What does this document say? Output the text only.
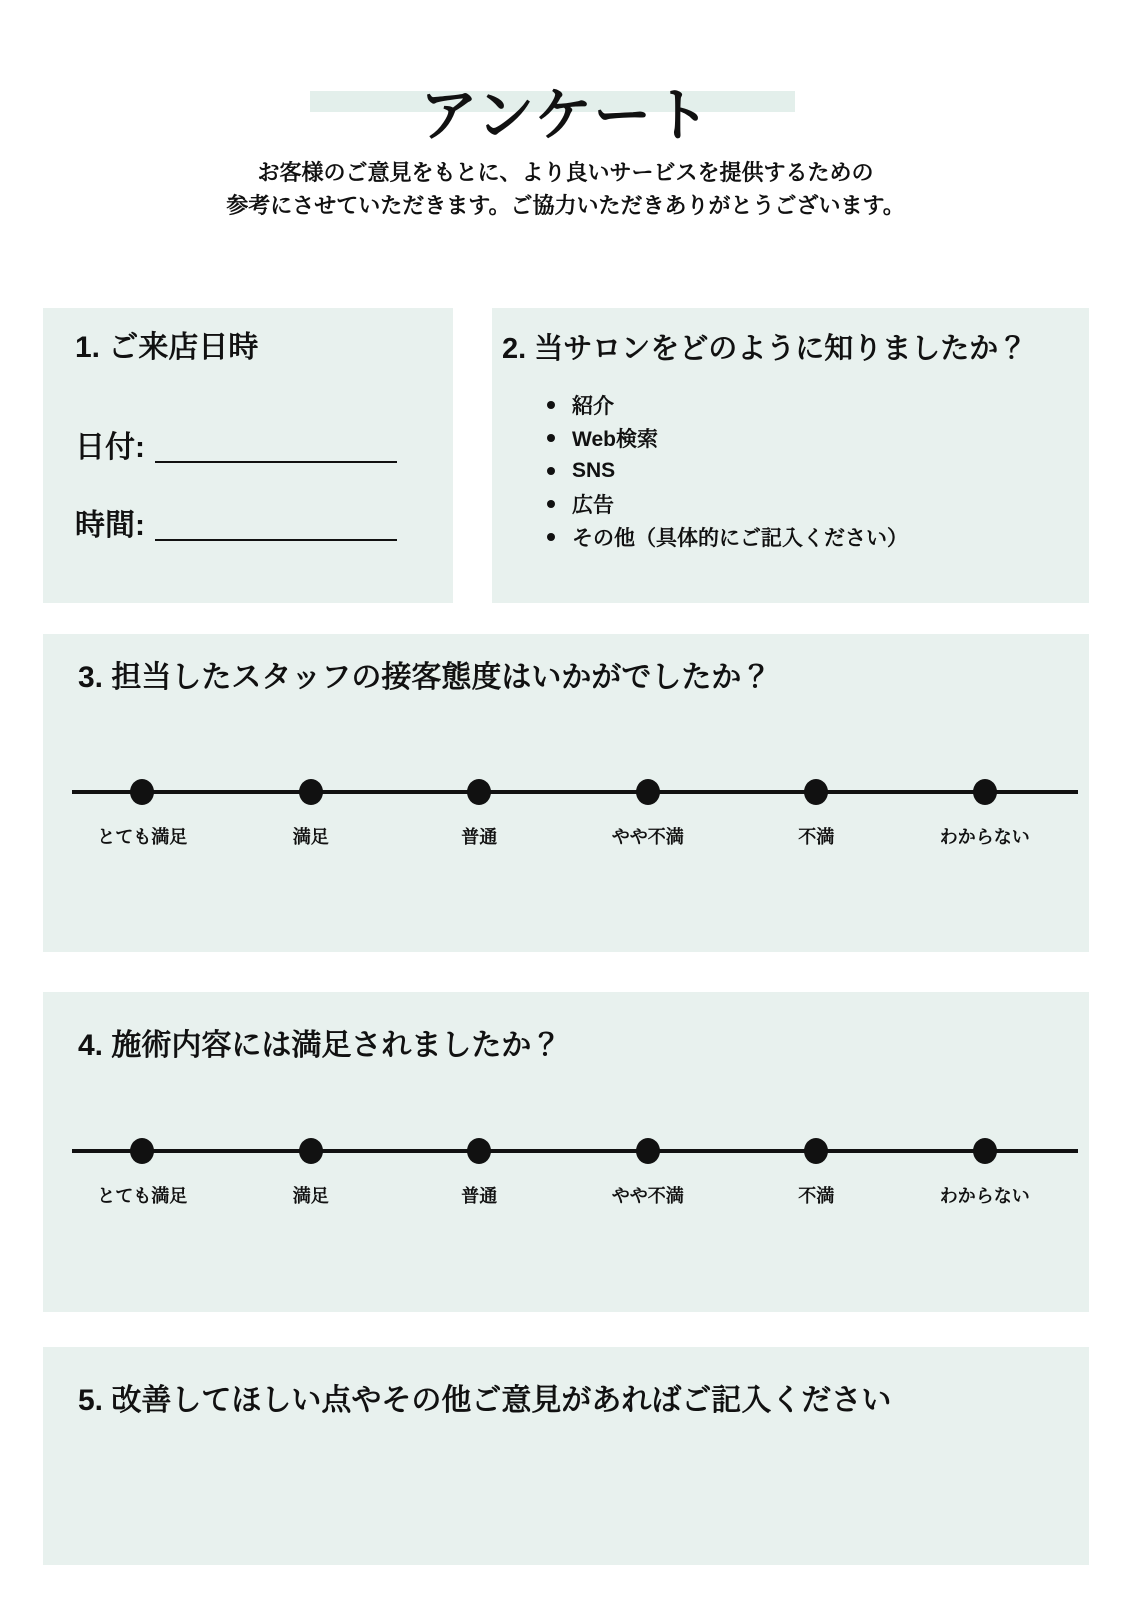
アンケート
お客様のご意見をもとに、より良いサービスを提供するための
参考にさせていただきます。ご協力いただきありがとうございます。
1. ご来店日時
日付:
時間:
2. 当サロンをどのように知りましたか？
紹介
Web検索
SNS
広告
その他（具体的にご記入ください）
3. 担当したスタッフの接客態度はいかがでしたか？
とても満足	満足	普通	やや不満	不満	わからない
4. 施術内容には満足されましたか？
とても満足	満足	普通	やや不満	不満	わからない
5. 改善してほしい点やその他ご意見があればご記入ください
